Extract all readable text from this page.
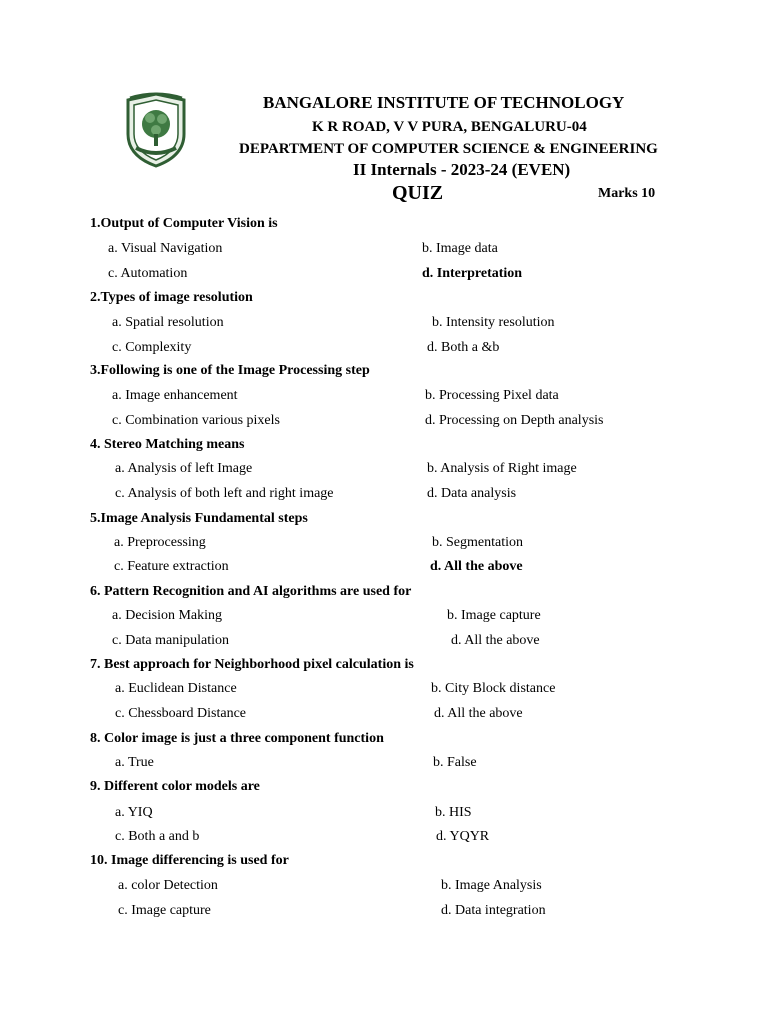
BANGALORE INSTITUTE OF TECHNOLOGY
K R ROAD, V V PURA, BENGALURU-04
DEPARTMENT OF COMPUTER SCIENCE & ENGINEERING
II Internals - 2023-24 (EVEN)
QUIZ	Marks 10
1.Output of Computer Vision is
a. Visual Navigation	b. Image data
c. Automation	d. Interpretation
2.Types of image resolution
a. Spatial resolution	b. Intensity resolution
c. Complexity	d. Both a &b
3.Following is one of the Image Processing step
a. Image enhancement	b. Processing Pixel data
c. Combination various pixels	d. Processing on Depth analysis
4. Stereo Matching means
a. Analysis of left Image	b. Analysis of Right image
c. Analysis of both left and right image	d. Data analysis
5.Image Analysis Fundamental steps
a. Preprocessing	b. Segmentation
c. Feature extraction	d. All the above
6. Pattern Recognition and AI algorithms are used for
a. Decision Making	b. Image capture
c. Data manipulation	d. All the above
7. Best approach for Neighborhood pixel calculation is
a. Euclidean Distance	b. City Block distance
c. Chessboard Distance	d. All the above
8. Color image is just a three component function
a. True	b. False
9. Different color models are
a. YIQ	b. HIS
c. Both a and b	d. YQYR
10. Image differencing is used for
a. color Detection	b. Image Analysis
c. Image capture	d. Data integration
